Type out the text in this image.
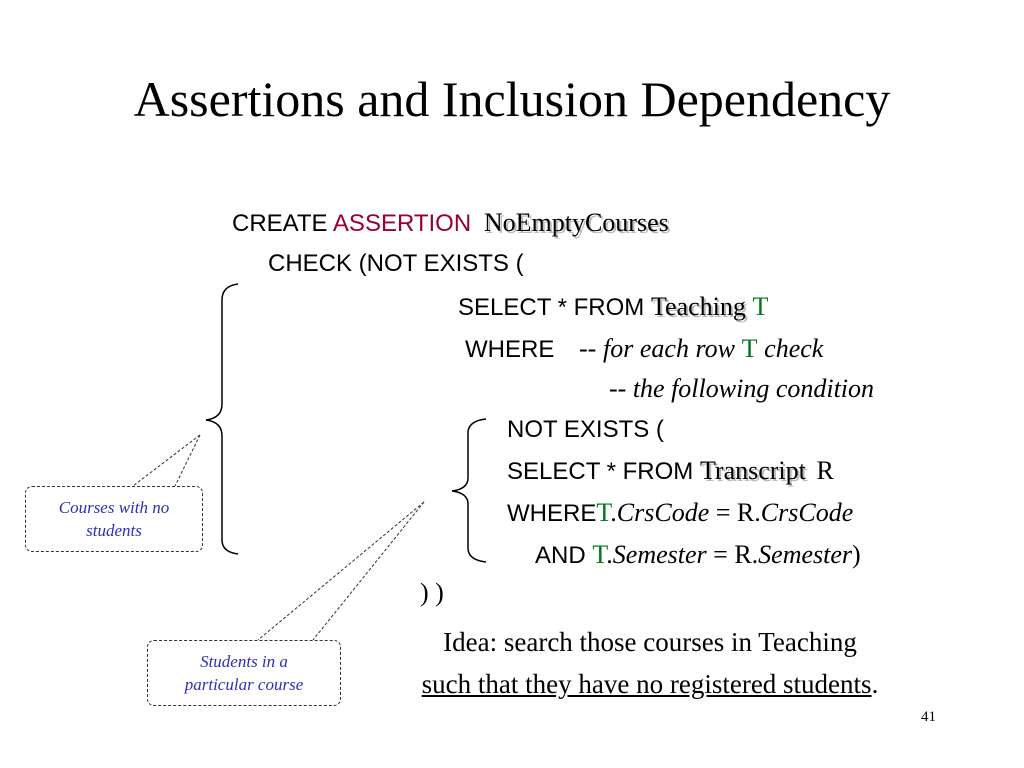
Assertions and Inclusion Dependency
CREATE ASSERTION NoEmptyCourses
CHECK (NOT EXISTS (
SELECT * FROM Teaching T
WHERE -- for each row T check
-- the following condition
NOT EXISTS (
SELECT * FROM Transcript R
WHERET.CrsCode = R.CrsCode
AND T.Semester = R.Semester)
) )
Courses with no
students
Students in a
particular course
Idea: search those courses in Teaching
such that they have no registered students.
41
